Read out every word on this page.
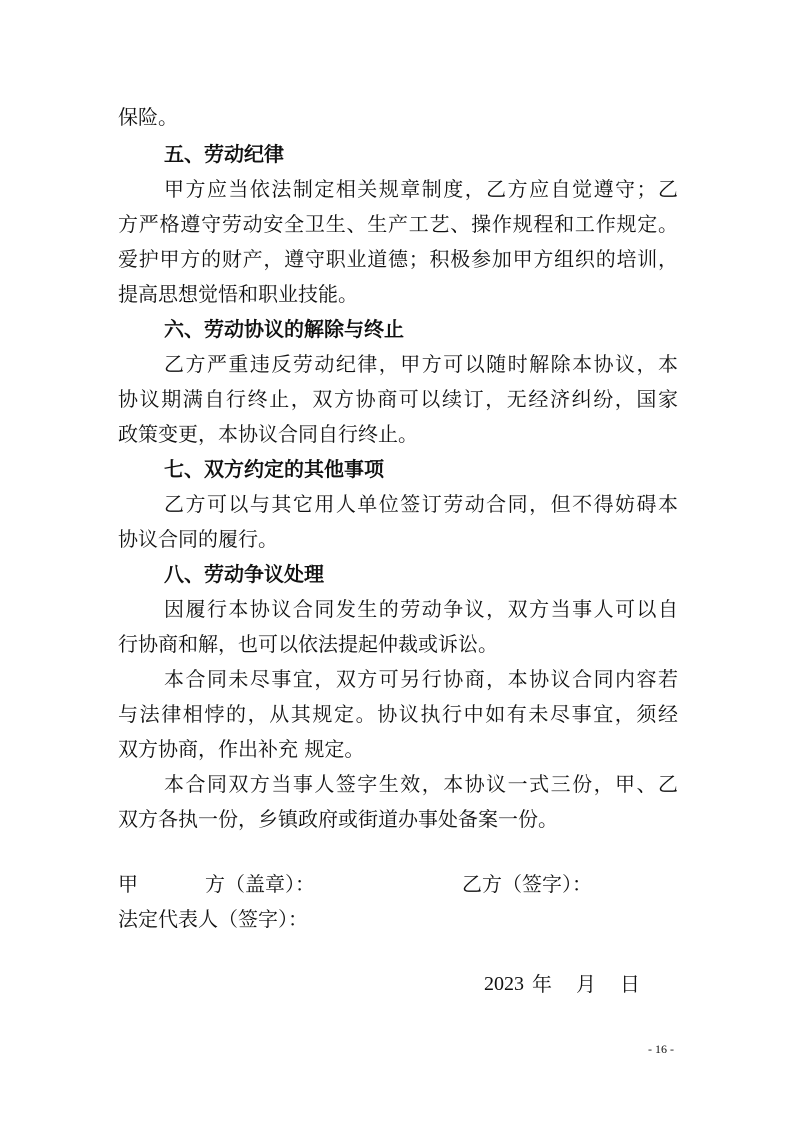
保险。
五、劳动纪律
甲方应当依法制定相关规章制度，乙方应自觉遵守；乙
方严格遵守劳动安全卫生、生产工艺、操作规程和工作规定。
爱护甲方的财产，遵守职业道德；积极参加甲方组织的培训，
提高思想觉悟和职业技能。
六、劳动协议的解除与终止
乙方严重违反劳动纪律，甲方可以随时解除本协议，本
协议期满自行终止，双方协商可以续订，无经济纠纷，国家
政策变更，本协议合同自行终止。
七、双方约定的其他事项
乙方可以与其它用人单位签订劳动合同，但不得妨碍本
协议合同的履行。
八、劳动争议处理
因履行本协议合同发生的劳动争议，双方当事人可以自
行协商和解，也可以依法提起仲裁或诉讼。
本合同未尽事宜，双方可另行协商，本协议合同内容若
与法律相悖的，从其规定。协议执行中如有未尽事宜，须经
双方协商，作出补充 规定。
本合同双方当事人签字生效，本协议一式三份，甲、乙
双方各执一份，乡镇政府或街道办事处备案一份。
甲	方（盖章）：	乙方（签字）：
法定代表人（签字）：
2023 年 月 日
- 16 -
